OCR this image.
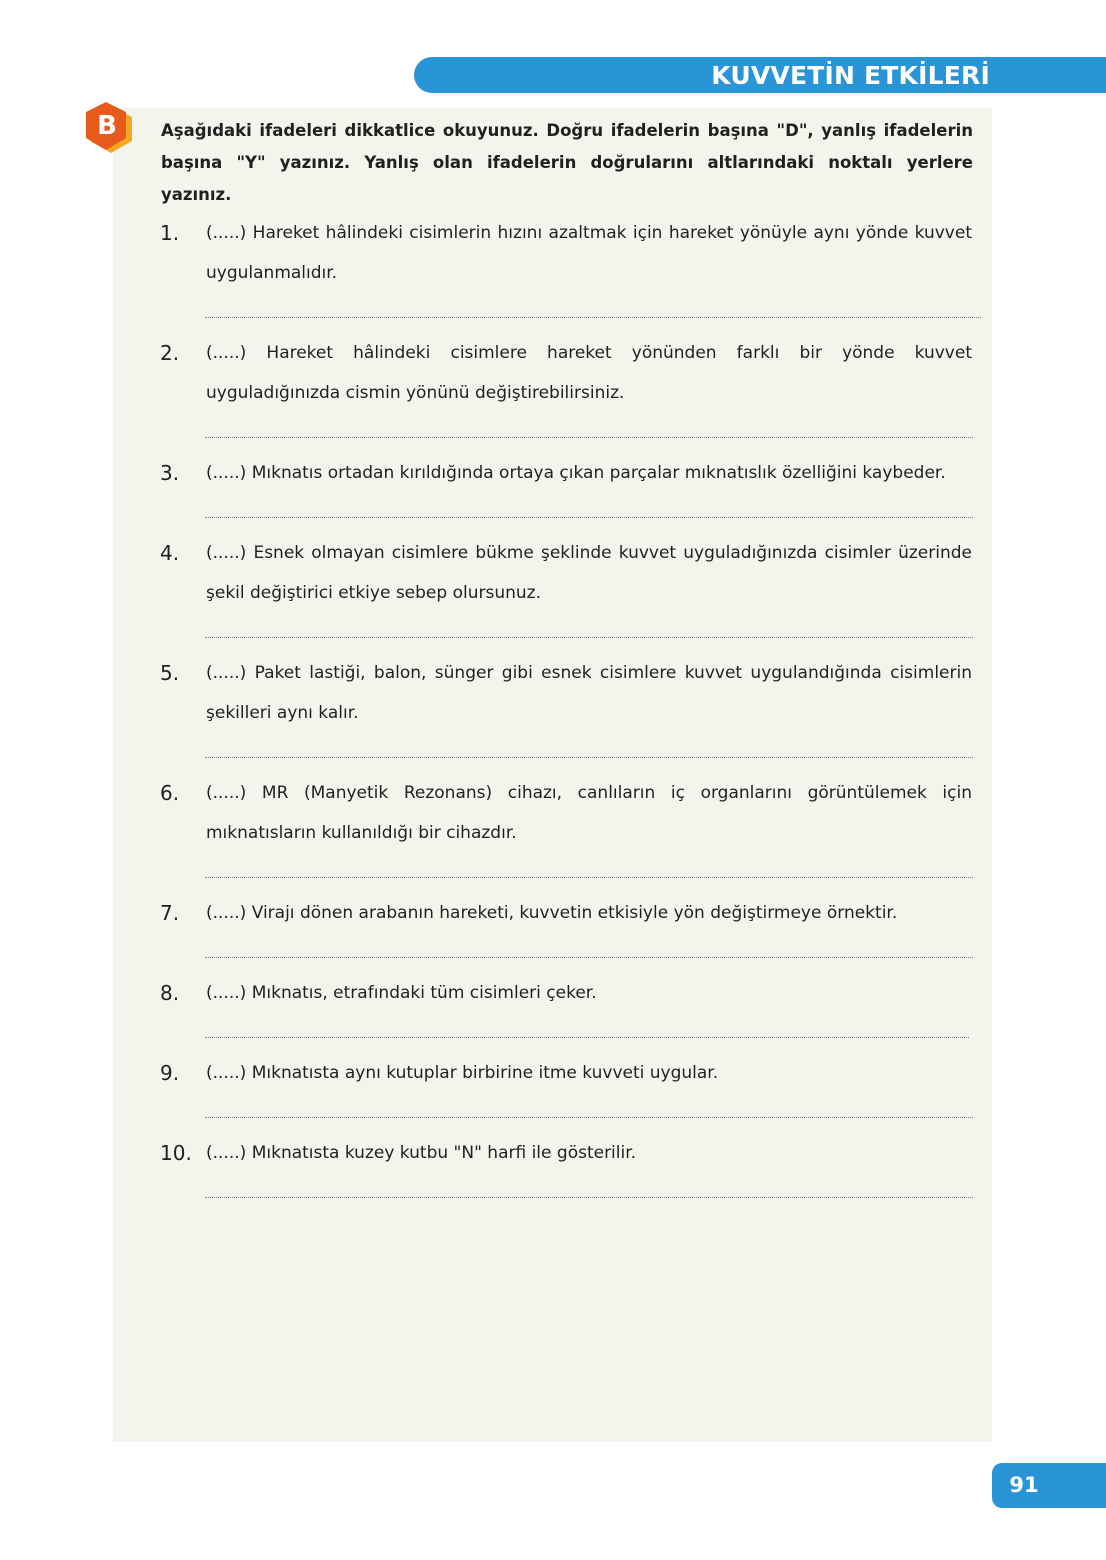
KUVVETİN ETKİLERİ
B	Aşağıdaki ifadeleri dikkatlice okuyunuz. Doğru ifadelerin başına "D", yanlış ifadelerin başına "Y" yazınız. Yanlış olan ifadelerin doğrularını altlarındaki noktalı yerlere yazınız.
1. (.....) Hareket hâlindeki cisimlerin hızını azaltmak için hareket yönüyle aynı yönde kuvvet uygulanmalıdır.
2. (.....) Hareket hâlindeki cisimlere hareket yönünden farklı bir yönde kuvvet uyguladığınızda cismin yönünü değiştirebilirsiniz.
3. (.....) Mıknatıs ortadan kırıldığında ortaya çıkan parçalar mıknatıslık özelliğini kaybeder.
4. (.....) Esnek olmayan cisimlere bükme şeklinde kuvvet uyguladığınızda cisimler üzerinde şekil değiştirici etkiye sebep olursunuz.
5. (.....) Paket lastiği, balon, sünger gibi esnek cisimlere kuvvet uygulandığında cisimlerin şekilleri aynı kalır.
6. (.....) MR (Manyetik Rezonans) cihazı, canlıların iç organlarını görüntülemek için mıknatısların kullanıldığı bir cihazdır.
7. (.....) Virajı dönen arabanın hareketi, kuvvetin etkisiyle yön değiştirmeye örnektir.
8. (.....) Mıknatıs, etrafındaki tüm cisimleri çeker.
9. (.....) Mıknatısta aynı kutuplar birbirine itme kuvveti uygular.
10. (.....) Mıknatısta kuzey kutbu "N" harfi ile gösterilir.
91
